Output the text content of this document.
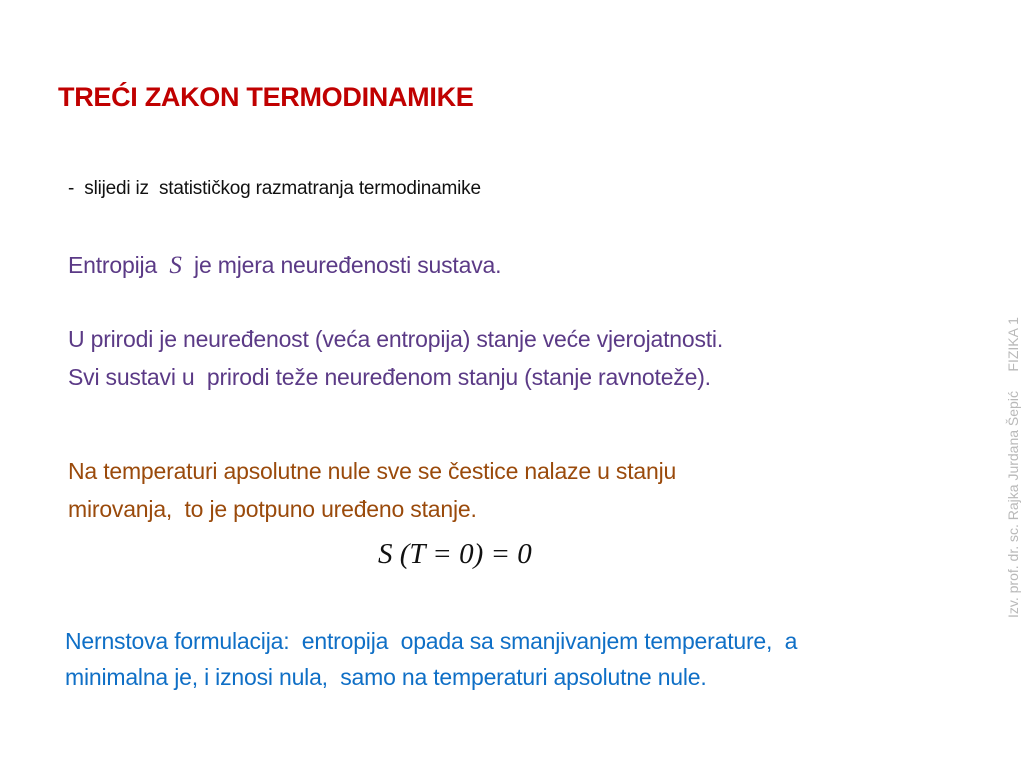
TREĆI ZAKON TERMODINAMIKE
-  slijedi iz  statističkog razmatranja termodinamike
Entropija  S  je mjera neuređenosti sustava.
U prirodi je neuređenost (veća entropija) stanje veće vjerojatnosti.
Svi sustavi u  prirodi teže neuređenom stanju (stanje ravnoteže).
Na temperaturi apsolutne nule sve se čestice nalaze u stanju
mirovanja,  to je potpuno uređeno stanje.
S (T = 0) = 0
Nernstova formulacija:  entropija  opada sa smanjivanjem temperature,  a
minimalna je, i iznosi nula,  samo na temperaturi apsolutne nule.
Izv. prof. dr. sc. Rajka Jurdana Šepić     FIZIKA 1
